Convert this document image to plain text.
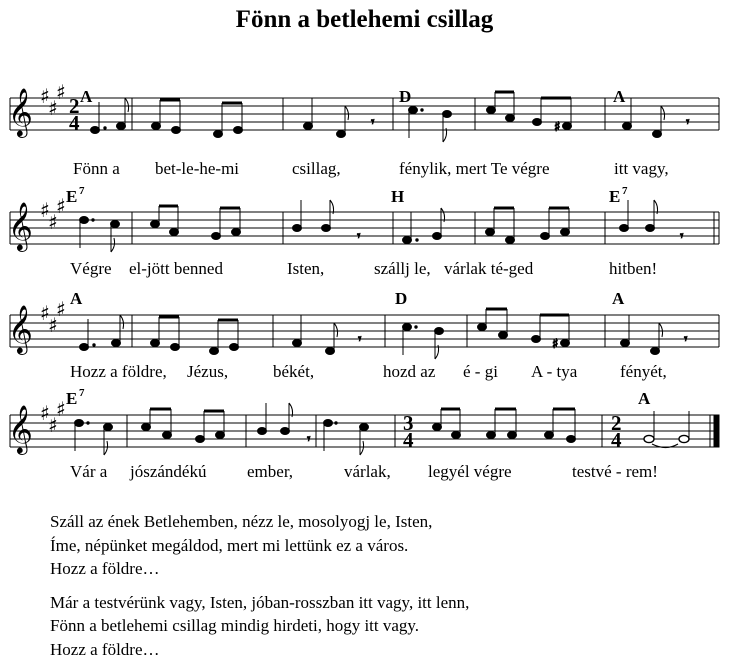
Fönn a betlehemi csillag
𝄞 ♯
♯
♯
2
4	𝄾	♯	𝄾
A	D	A
Fönn a bet-le-he-mi	csillag,	fénylik, mert Te végre	itt vagy,
𝄞 ♯
♯
♯
𝄾	𝄾
E 7	H	E 7
Végre el-jött benned	Isten,	szállj le, várlak té-ged	hitben!
𝄞 ♯
♯
♯
𝄾	♯	𝄾
A	D	A
Hozz a földre, Jézus,	békét,	hozd az é - gi A - tya	fényét,
𝄞 ♯
♯
♯
3
4
2
4
𝄾
E 7	A
Vár a jószándékú ember,	várlak, legyél végre	testvé - rem!
Száll az ének Betlehemben, nézz le, mosolyogj le, Isten,
Íme, népünket megáldod, mert mi lettünk ez a város.
Hozz a földre…
Már a testvérünk vagy, Isten, jóban-rosszban itt vagy, itt lenn,
Fönn a betlehemi csillag mindig hirdeti, hogy itt vagy.
Hozz a földre…
